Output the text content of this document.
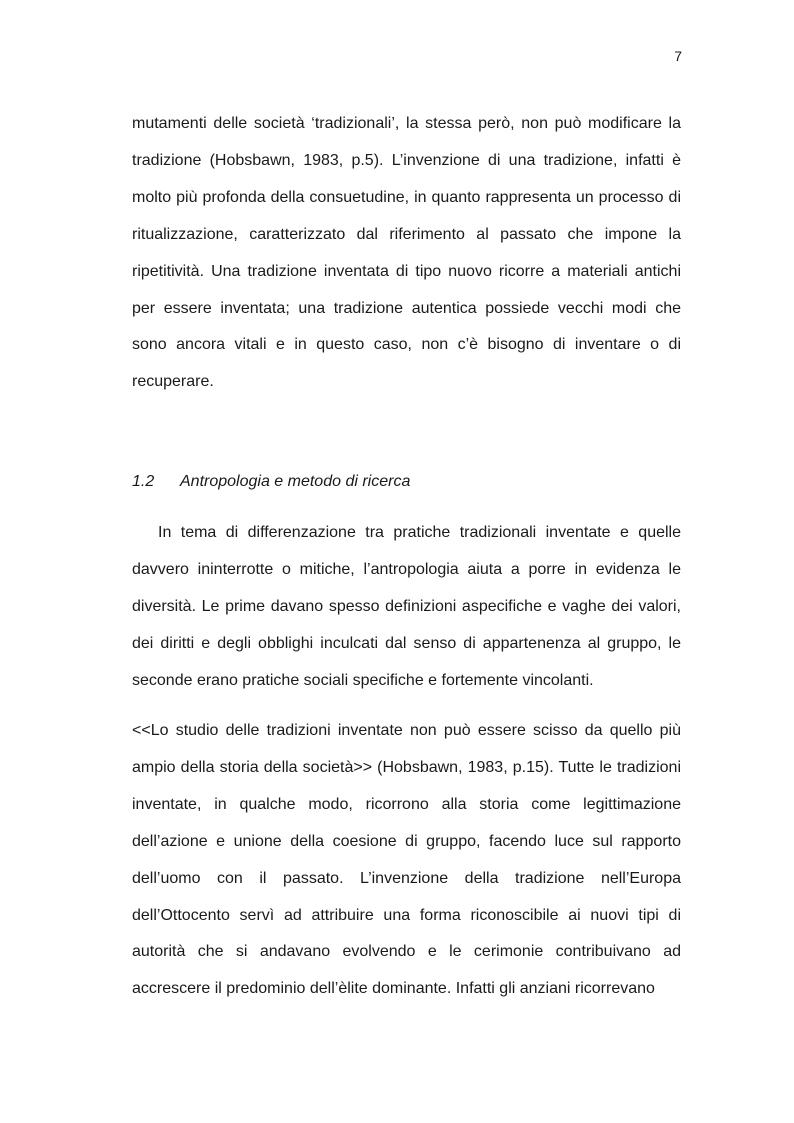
7

mutamenti delle società ‘tradizionali’, la stessa però, non può modificare la tradizione (Hobsbawn, 1983, p.5). L’invenzione di una tradizione, infatti è molto più profonda della consuetudine, in quanto rappresenta un processo di ritualizzazione, caratterizzato dal riferimento al passato che impone la ripetitività. Una tradizione inventata di tipo nuovo ricorre a materiali antichi per essere inventata; una tradizione autentica possiede vecchi modi che sono ancora vitali e in questo caso, non c’è bisogno di inventare o di recuperare.

1.2 Antropologia e metodo di ricerca

In tema di differenzazione tra pratiche tradizionali inventate e quelle davvero ininterrotte o mitiche, l’antropologia aiuta a porre in evidenza le diversità. Le prime davano spesso definizioni aspecifiche e vaghe dei valori, dei diritti e degli obblighi inculcati dal senso di appartenenza al gruppo, le seconde erano pratiche sociali specifiche e fortemente vincolanti.

<<Lo studio delle tradizioni inventate non può essere scisso da quello più ampio della storia della società>> (Hobsbawn, 1983, p.15). Tutte le tradizioni inventate, in qualche modo, ricorrono alla storia come legittimazione dell’azione e unione della coesione di gruppo, facendo luce sul rapporto dell’uomo con il passato. L’invenzione della tradizione nell’Europa dell’Ottocento servì ad attribuire una forma riconoscibile ai nuovi tipi di autorità che si andavano evolvendo e le cerimonie contribuivano ad accrescere il predominio dell’èlite dominante. Infatti gli anziani ricorrevano
